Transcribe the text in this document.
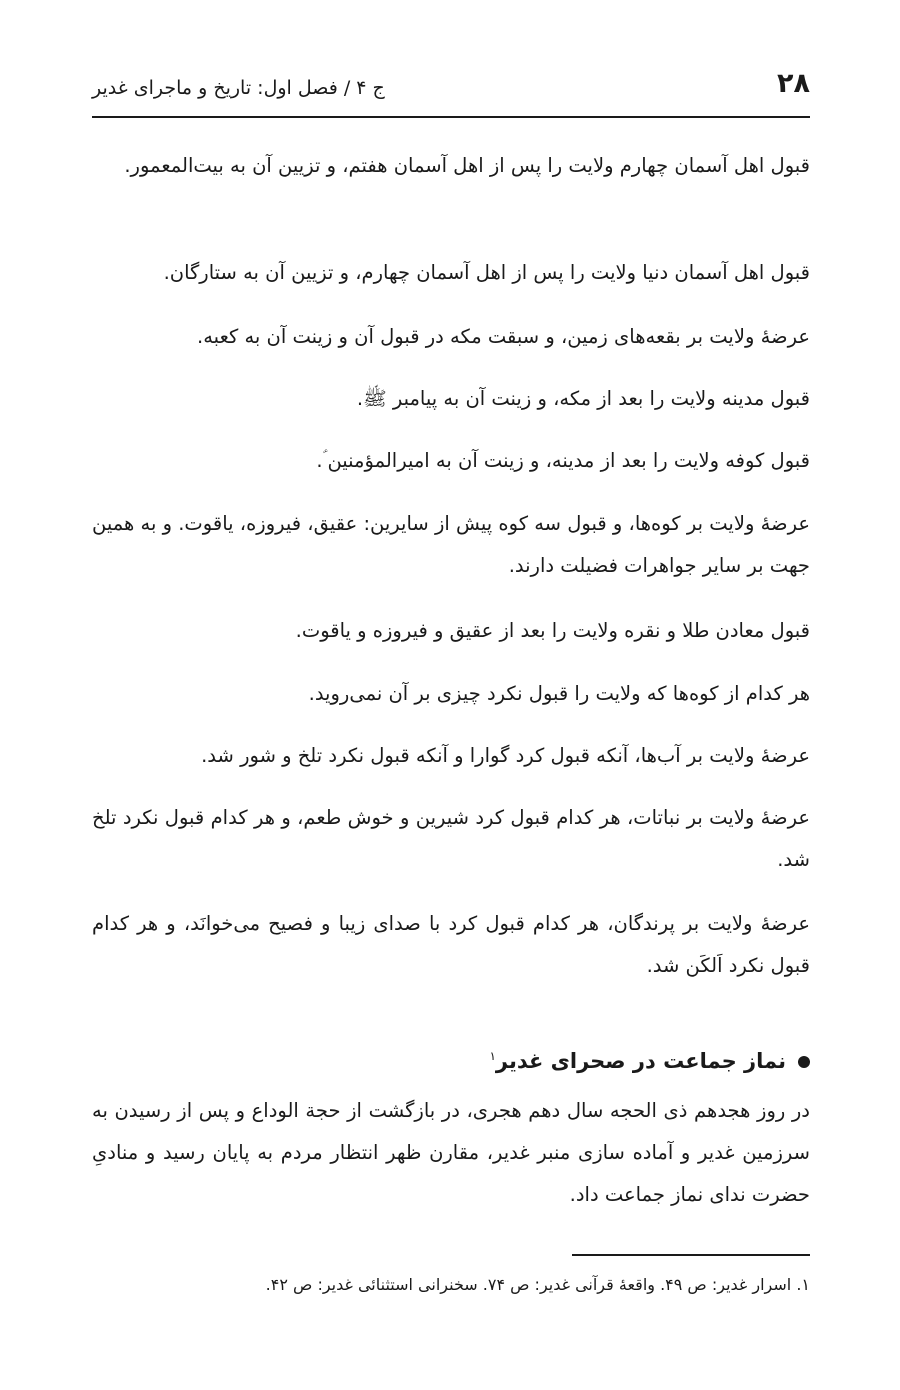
۲۸
ج ۴ / فصل اول: تاریخ و ماجرای غدیر

قبول اهل آسمان چهارم ولایت را پس از اهل آسمان هفتم، و تزیین آن به بیت‌المعمور.

قبول اهل آسمان دنیا ولایت را پس از اهل آسمان چهارم، و تزیین آن به ستارگان.

عرضهٔ ولایت بر بقعه‌های زمین، و سبقت مکه در قبول آن و زینت آن به کعبه.

قبول مدینه ولایت را بعد از مکه، و زینت آن به پیامبر ﷺ.

قبول کوفه ولایت را بعد از مدینه، و زینت آن به امیرالمؤمنین ؑ.

عرضهٔ ولایت بر کوه‌ها، و قبول سه کوه پیش از سایرین: عقیق، فیروزه، یاقوت. و به همین جهت بر سایر جواهرات فضیلت دارند.

قبول معادن طلا و نقره ولایت را بعد از عقیق و فیروزه و یاقوت.

هر کدام از کوه‌ها که ولایت را قبول نکرد چیزی بر آن نمی‌روید.

عرضهٔ ولایت بر آب‌ها، آنکه قبول کرد گوارا و آنکه قبول نکرد تلخ و شور شد.

عرضهٔ ولایت بر نباتات، هر کدام قبول کرد شیرین و خوش طعم، و هر کدام قبول نکرد تلخ شد.

عرضهٔ ولایت بر پرندگان، هر کدام قبول کرد با صدای زیبا و فصیح می‌خوانَد، و هر کدام قبول نکرد اَلکَن شد.

نماز جماعت در صحرای غدیر$^۱$

در روز هجدهم ذی الحجه سال دهم هجری، در بازگشت از حجة الوداع و پس از رسیدن به سرزمین غدیر و آماده سازی منبر غدیر، مقارن ظهر انتظار مردم به پایان رسید و منادیِ حضرت ندای نماز جماعت داد.

۱. اسرار غدیر: ص ۴۹. واقعهٔ قرآنی غدیر: ص ۷۴. سخنرانی استثنائی غدیر: ص ۴۲.
